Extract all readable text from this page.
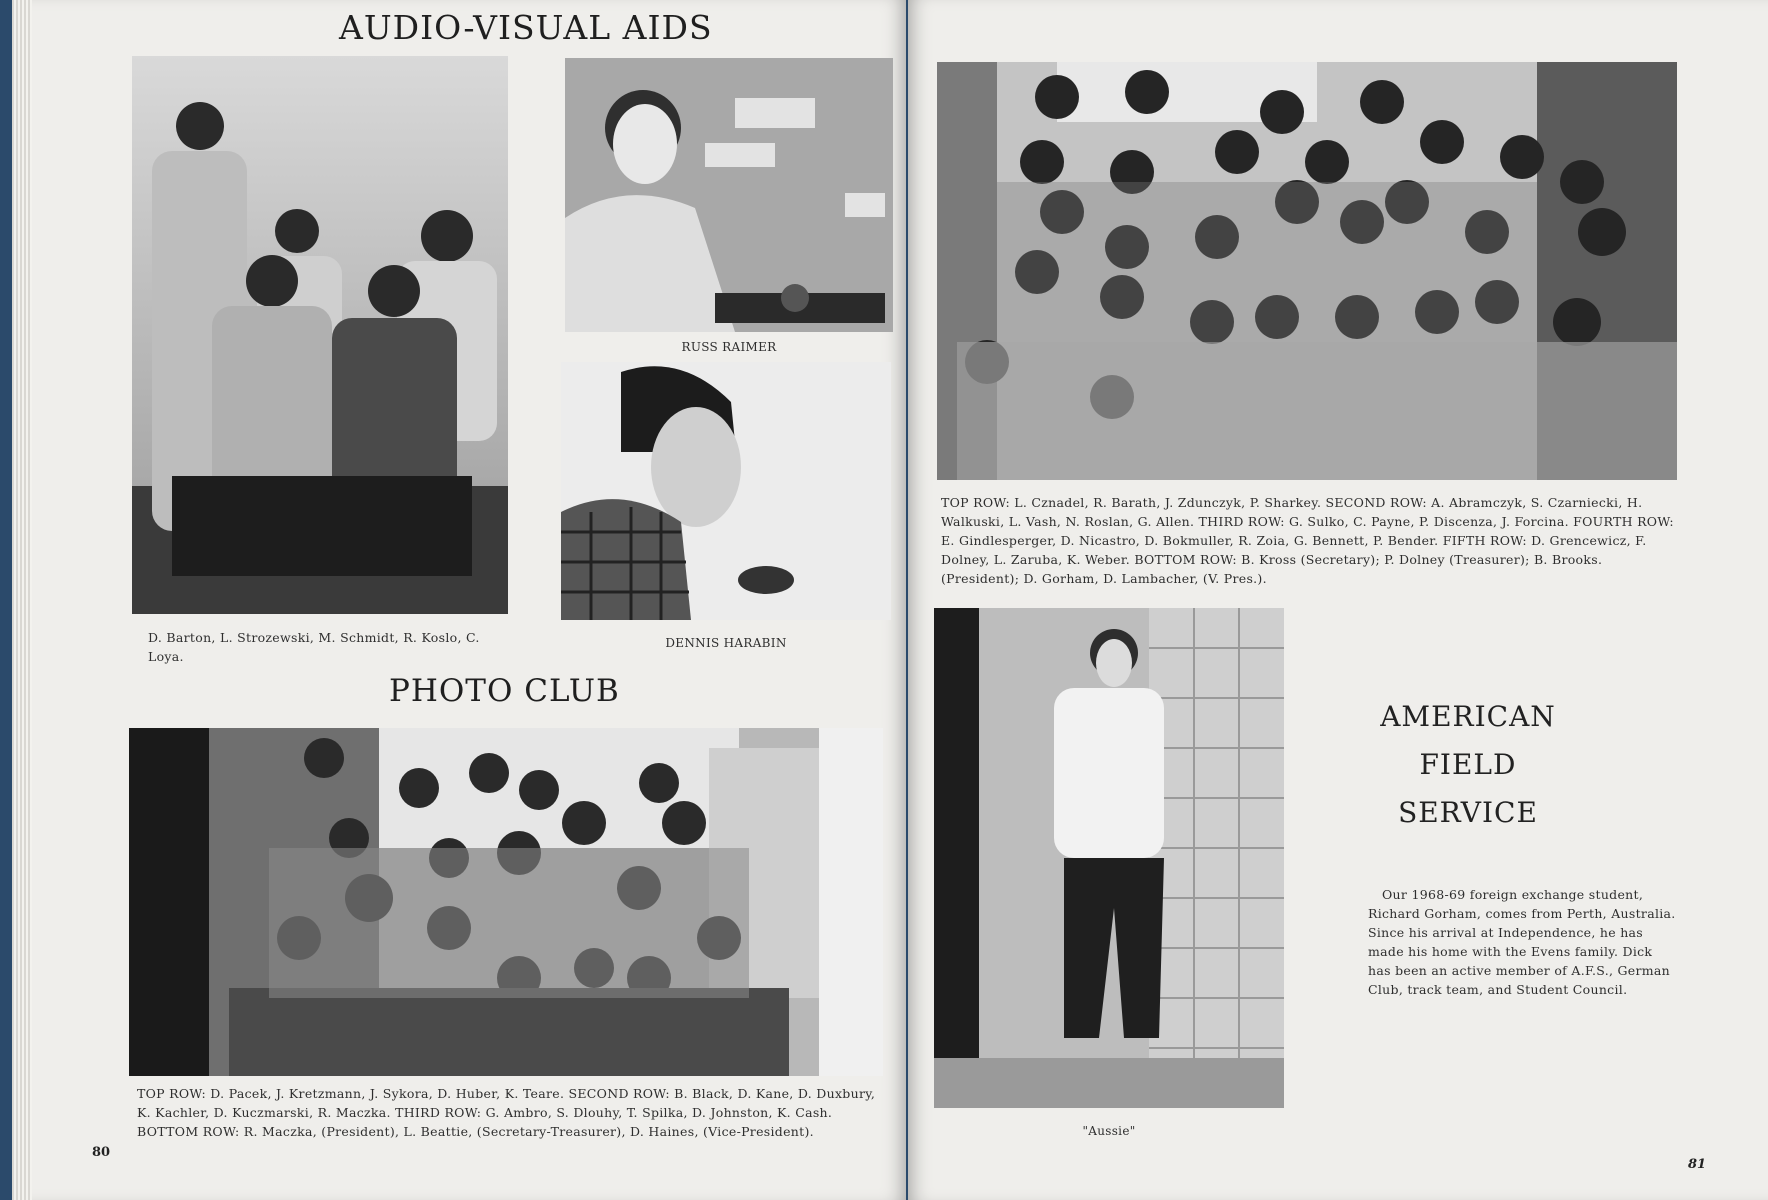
AUDIO-VISUAL AIDS
RUSS RAIMER
DENNIS HARABIN
D. Barton, L. Strozewski, M. Schmidt, R. Koslo, C. Loya.
PHOTO CLUB
TOP ROW: D. Pacek, J. Kretzmann, J. Sykora, D. Huber, K. Teare. SECOND ROW: B. Black, D. Kane, D. Duxbury, K. Kachler, D. Kuczmarski, R. Maczka. THIRD ROW: G. Ambro, S. Dlouhy, T. Spilka, D. Johnston, K. Cash. BOTTOM ROW: R. Maczka, (President), L. Beattie, (Secretary-Treasurer), D. Haines, (Vice-President).
80
TOP ROW: L. Cznadel, R. Barath, J. Zdunczyk, P. Sharkey. SECOND ROW: A. Abramczyk, S. Czarniecki, H. Walkuski, L. Vash, N. Roslan, G. Allen. THIRD ROW: G. Sulko, C. Payne, P. Discenza, J. Forcina. FOURTH ROW: E. Gindlesperger, D. Nicastro, D. Bokmuller, R. Zoia, G. Bennett, P. Bender. FIFTH ROW: D. Grencewicz, F. Dolney, L. Zaruba, K. Weber. BOTTOM ROW: B. Kross (Secretary); P. Dolney (Treasurer); B. Brooks. (President); D. Gorham, D. Lambacher, (V. Pres.).
"Aussie"
AMERICAN
FIELD
SERVICE
Our 1968-69 foreign exchange student, Richard Gorham, comes from Perth, Australia. Since his arrival at Independence, he has made his home with the Evens family. Dick has been an active member of A.F.S., German Club, track team, and Student Council.
81
